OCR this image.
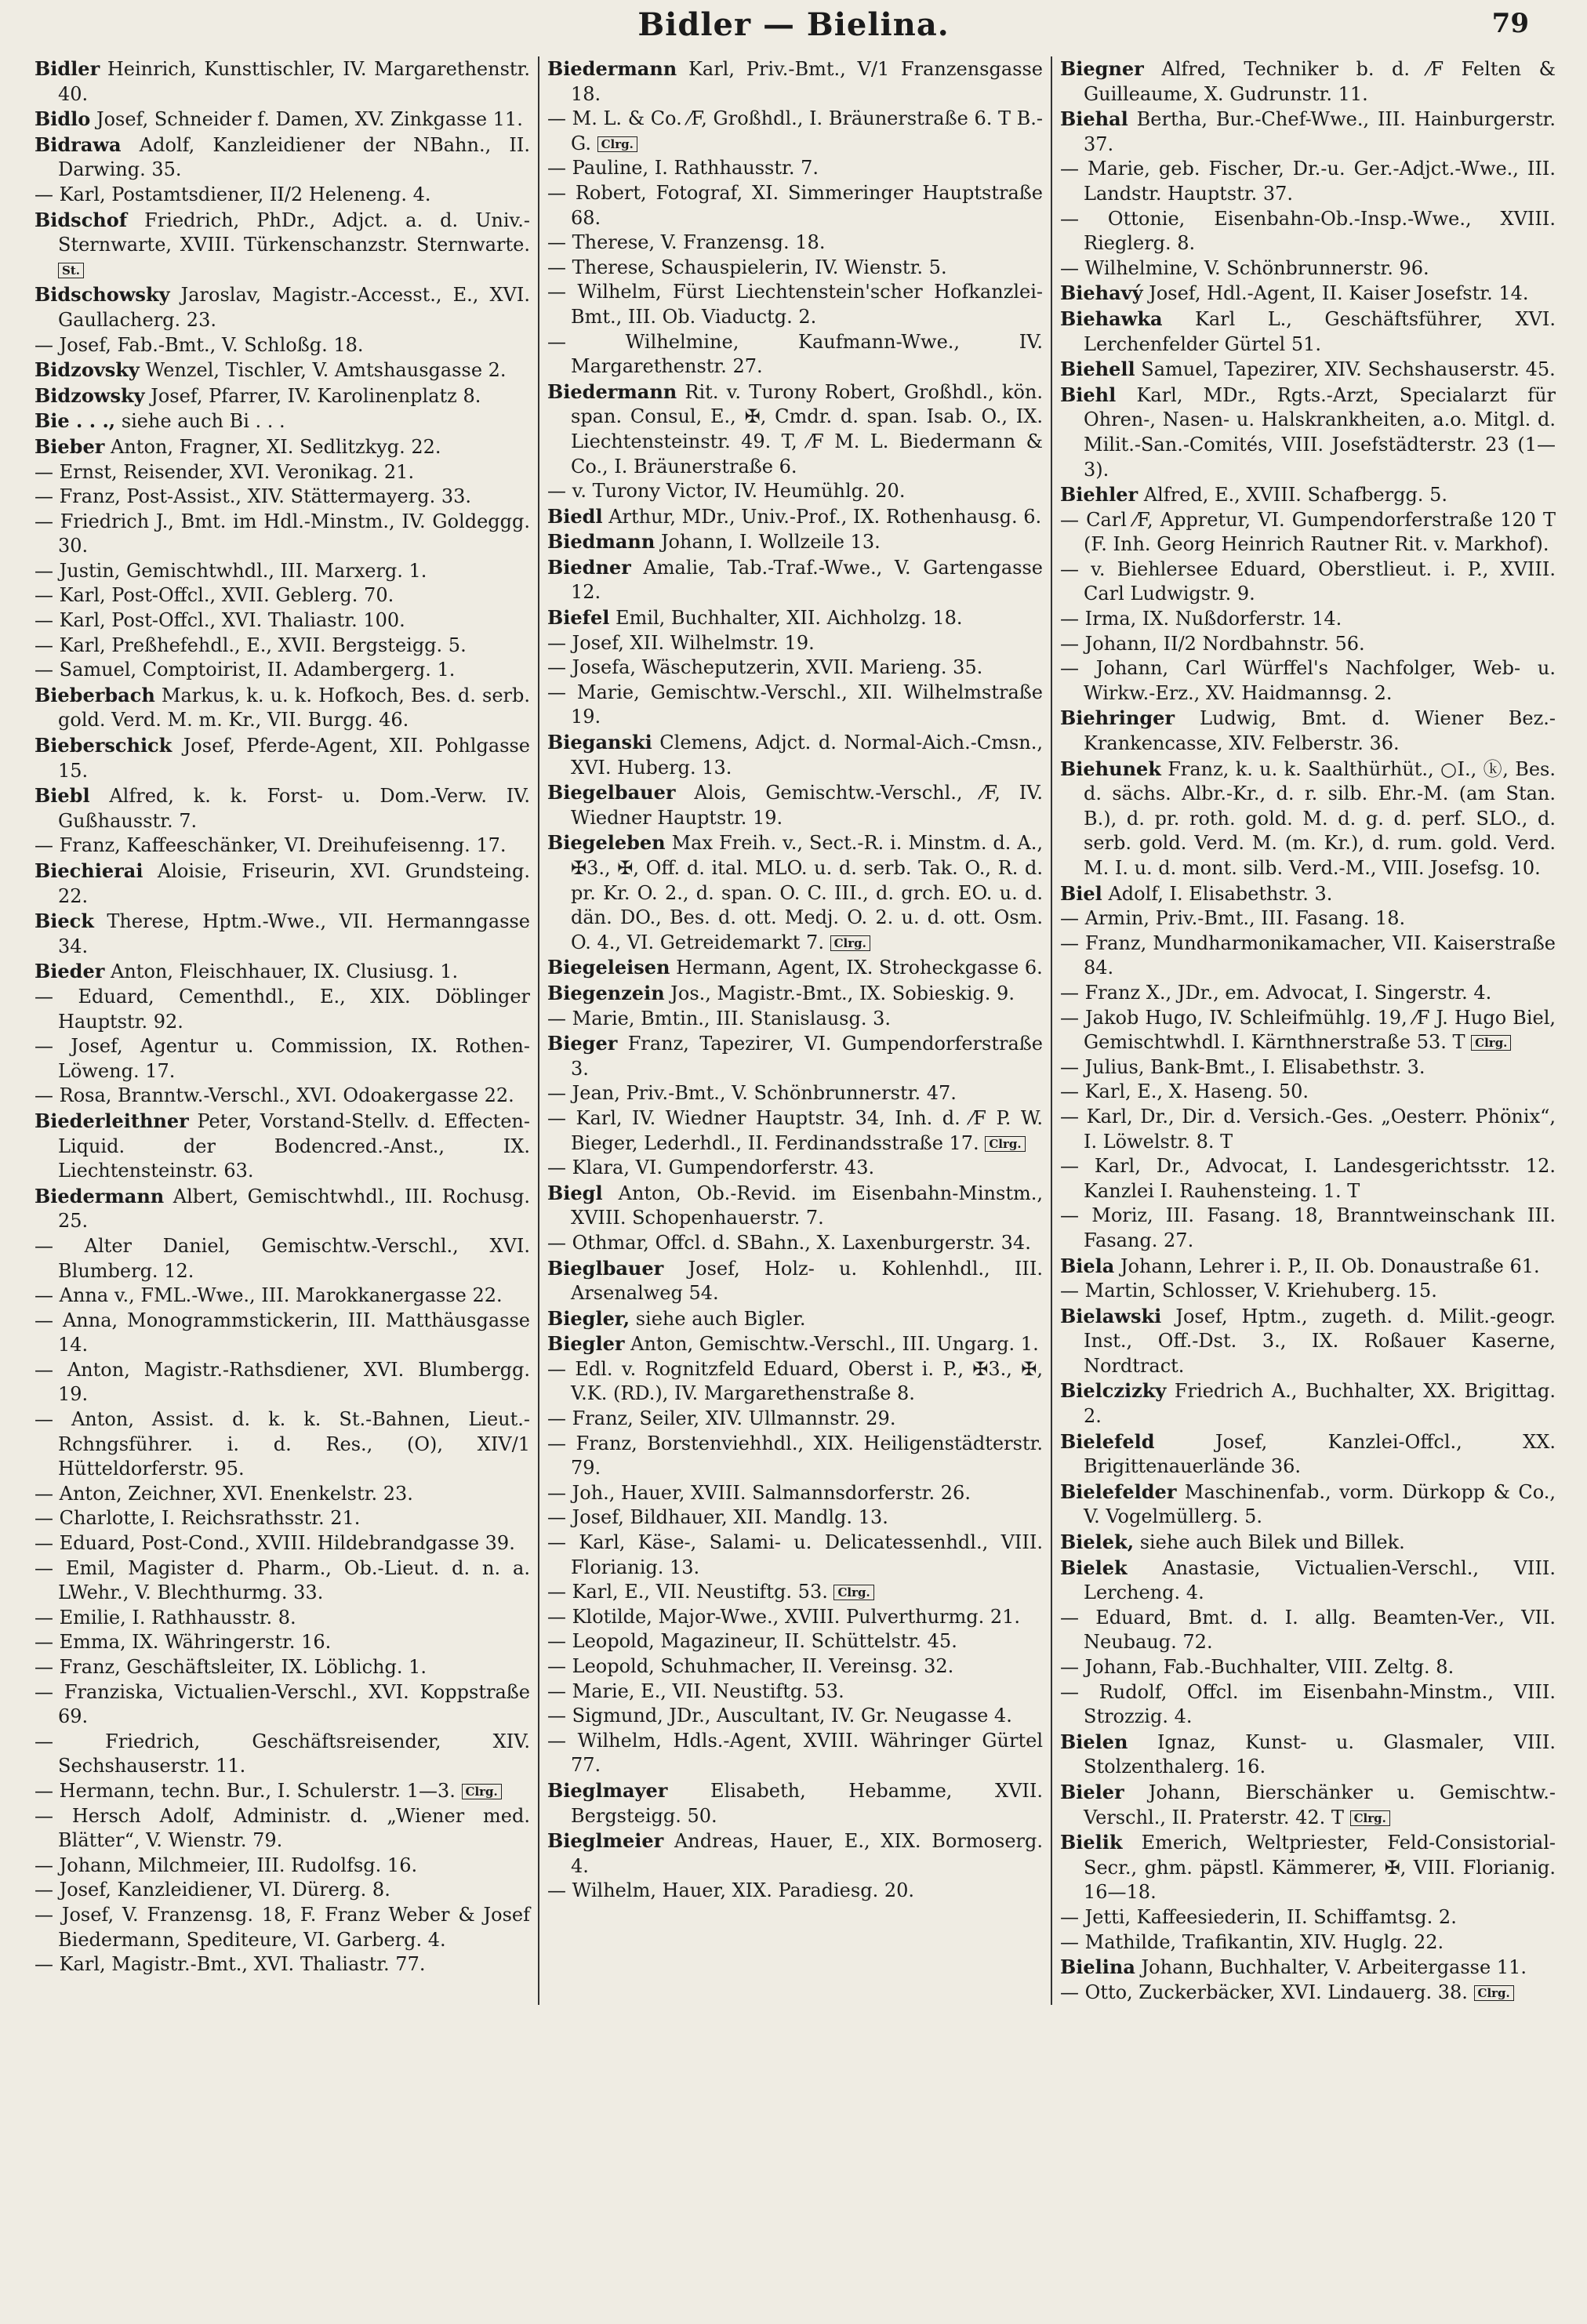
Bidler — Bielina.	79

Bidler Heinrich, Kunsttischler, IV. Margarethenstr. 40.

Bidlo Josef, Schneider f. Damen, XV. Zinkgasse 11.

Bidrawa Adolf, Kanzleidiener der NBahn., II. Darwing. 35.

— Karl, Postamtsdiener, II/2 Heleneng. 4.

Bidschof Friedrich, PhDr., Adjct. a. d. Univ.-Sternwarte, XVIII. Türkenschanzstr. Sternwarte. St.

Bidschowsky Jaroslav, Magistr.-Accesst., E., XVI. Gaullacherg. 23.

— Josef, Fab.-Bmt., V. Schloßg. 18.

Bidzovsky Wenzel, Tischler, V. Amtshausgasse 2.

Bidzowsky Josef, Pfarrer, IV. Karolinenplatz 8.

Bie . . ., siehe auch Bi . . .

Bieber Anton, Fragner, XI. Sedlitzkyg. 22.

— Ernst, Reisender, XVI. Veronikag. 21.

— Franz, Post-Assist., XIV. Stättermayerg. 33.

— Friedrich J., Bmt. im Hdl.-Minstm., IV. Goldeggg. 30.

— Justin, Gemischtwhdl., III. Marxerg. 1.

— Karl, Post-Offcl., XVII. Geblerg. 70.

— Karl, Post-Offcl., XVI. Thaliastr. 100.

— Karl, Preßhefehdl., E., XVII. Bergsteigg. 5.

— Samuel, Comptoirist, II. Adambergerg. 1.

Bieberbach Markus, k. u. k. Hofkoch, Bes. d. serb. gold. Verd. M. m. Kr., VII. Burgg. 46.

Bieberschick Josef, Pferde-Agent, XII. Pohlgasse 15.

Biebl Alfred, k. k. Forst- u. Dom.-Verw. IV. Gußhausstr. 7.

— Franz, Kaffeeschänker, VI. Dreihufeisenng. 17.

Biechierai Aloisie, Friseurin, XVI. Grundsteing. 22.

Bieck Therese, Hptm.-Wwe., VII. Hermanngasse 34.

Bieder Anton, Fleischhauer, IX. Clusiusg. 1.

— Eduard, Cementhdl., E., XIX. Döblinger Hauptstr. 92.

— Josef, Agentur u. Commission, IX. Rothen-Löweng. 17.

— Rosa, Branntw.-Verschl., XVI. Odoakergasse 22.

Biederleithner Peter, Vorstand-Stellv. d. Effecten-Liquid. der Bodencred.-Anst., IX. Liechtensteinstr. 63.

Biedermann Albert, Gemischtwhdl., III. Rochusg. 25.

— Alter Daniel, Gemischtw.-Verschl., XVI. Blumberg. 12.

— Anna v., FML.-Wwe., III. Marokkanergasse 22.

— Anna, Monogrammstickerin, III. Matthäusgasse 14.

— Anton, Magistr.-Rathsdiener, XVI. Blumbergg. 19.

— Anton, Assist. d. k. k. St.-Bahnen, Lieut.-Rchngsführer. i. d. Res., (O), XIV/1 Hütteldorferstr. 95.

— Anton, Zeichner, XVI. Enenkelstr. 23.

— Charlotte, I. Reichsrathsstr. 21.

— Eduard, Post-Cond., XVIII. Hildebrandgasse 39.

— Emil, Magister d. Pharm., Ob.-Lieut. d. n. a. LWehr., V. Blechthurmg. 33.

— Emilie, I. Rathhausstr. 8.

— Emma, IX. Währingerstr. 16.

— Franz, Geschäftsleiter, IX. Löblichg. 1.

— Franziska, Victualien-Verschl., XVI. Koppstraße 69.

— Friedrich, Geschäftsreisender, XIV. Sechshauserstr. 11.

— Hermann, techn. Bur., I. Schulerstr. 1—3. Clrg.

— Hersch Adolf, Administr. d. „Wiener med. Blätter“, V. Wienstr. 79.

— Johann, Milchmeier, III. Rudolfsg. 16.

— Josef, Kanzleidiener, VI. Dürerg. 8.

— Josef, V. Franzensg. 18, F. Franz Weber & Josef Biedermann, Spediteure, VI. Garberg. 4.

— Karl, Magistr.-Bmt., XVI. Thaliastr. 77.

Biedermann Karl, Priv.-Bmt., V/1 Franzensgasse 18.

— M. L. & Co. ⁄F, Großhdl., I. Bräunerstraße 6. T B.-G. Clrg.

— Pauline, I. Rathhausstr. 7.

— Robert, Fotograf, XI. Simmeringer Hauptstraße 68.

— Therese, V. Franzensg. 18.

— Therese, Schauspielerin, IV. Wienstr. 5.

— Wilhelm, Fürst Liechtenstein'scher Hofkanzlei-Bmt., III. Ob. Viaductg. 2.

— Wilhelmine, Kaufmann-Wwe., IV. Margarethenstr. 27.

Biedermann Rit. v. Turony Robert, Großhdl., kön. span. Consul, E., ✠, Cmdr. d. span. Isab. O., IX. Liechtensteinstr. 49. T, ⁄F M. L. Biedermann & Co., I. Bräunerstraße 6.

— v. Turony Victor, IV. Heumühlg. 20.

Biedl Arthur, MDr., Univ.-Prof., IX. Rothenhausg. 6.

Biedmann Johann, I. Wollzeile 13.

Biedner Amalie, Tab.-Traf.-Wwe., V. Gartengasse 12.

Biefel Emil, Buchhalter, XII. Aichholzg. 18.

— Josef, XII. Wilhelmstr. 19.

— Josefa, Wäscheputzerin, XVII. Marieng. 35.

— Marie, Gemischtw.-Verschl., XII. Wilhelmstraße 19.

Bieganski Clemens, Adjct. d. Normal-Aich.-Cmsn., XVI. Huberg. 13.

Biegelbauer Alois, Gemischtw.-Verschl., ⁄F, IV. Wiedner Hauptstr. 19.

Biegeleben Max Freih. v., Sect.-R. i. Minstm. d. A., ✠3., ✠, Off. d. ital. MLO. u. d. serb. Tak. O., R. d. pr. Kr. O. 2., d. span. O. C. III., d. grch. EO. u. d. dän. DO., Bes. d. ott. Medj. O. 2. u. d. ott. Osm. O. 4., VI. Getreidemarkt 7. Clrg.

Biegeleisen Hermann, Agent, IX. Stroheckgasse 6.

Biegenzein Jos., Magistr.-Bmt., IX. Sobieskig. 9.

— Marie, Bmtin., III. Stanislausg. 3.

Bieger Franz, Tapezirer, VI. Gumpendorferstraße 3.

— Jean, Priv.-Bmt., V. Schönbrunnerstr. 47.

— Karl, IV. Wiedner Hauptstr. 34, Inh. d. ⁄F P. W. Bieger, Lederhdl., II. Ferdinandsstraße 17. Clrg.

— Klara, VI. Gumpendorferstr. 43.

Biegl Anton, Ob.-Revid. im Eisenbahn-Minstm., XVIII. Schopenhauerstr. 7.

— Othmar, Offcl. d. SBahn., X. Laxenburgerstr. 34.

Bieglbauer Josef, Holz- u. Kohlenhdl., III. Arsenalweg 54.

Biegler, siehe auch Bigler.

Biegler Anton, Gemischtw.-Verschl., III. Ungarg. 1.

— Edl. v. Rognitzfeld Eduard, Oberst i. P., ✠3., ✠, V.K. (RD.), IV. Margarethenstraße 8.

— Franz, Seiler, XIV. Ullmannstr. 29.

— Franz, Borstenviehhdl., XIX. Heiligenstädterstr. 79.

— Joh., Hauer, XVIII. Salmannsdorferstr. 26.

— Josef, Bildhauer, XII. Mandlg. 13.

— Karl, Käse-, Salami- u. Delicatessenhdl., VIII. Florianig. 13.

— Karl, E., VII. Neustiftg. 53. Clrg.

— Klotilde, Major-Wwe., XVIII. Pulverthurmg. 21.

— Leopold, Magazineur, II. Schüttelstr. 45.

— Leopold, Schuhmacher, II. Vereinsg. 32.

— Marie, E., VII. Neustiftg. 53.

— Sigmund, JDr., Auscultant, IV. Gr. Neugasse 4.

— Wilhelm, Hdls.-Agent, XVIII. Währinger Gürtel 77.

Bieglmayer Elisabeth, Hebamme, XVII. Bergsteigg. 50.

Bieglmeier Andreas, Hauer, E., XIX. Bormoserg. 4.

— Wilhelm, Hauer, XIX. Paradiesg. 20.

Biegner Alfred, Techniker b. d. ⁄F Felten & Guilleaume, X. Gudrunstr. 11.

Biehal Bertha, Bur.-Chef-Wwe., III. Hainburgerstr. 37.

— Marie, geb. Fischer, Dr.-u. Ger.-Adjct.-Wwe., III. Landstr. Hauptstr. 37.

— Ottonie, Eisenbahn-Ob.-Insp.-Wwe., XVIII. Rieglerg. 8.

— Wilhelmine, V. Schönbrunnerstr. 96.

Biehavý Josef, Hdl.-Agent, II. Kaiser Josefstr. 14.

Biehawka Karl L., Geschäftsführer, XVI. Lerchenfelder Gürtel 51.

Biehell Samuel, Tapezirer, XIV. Sechshauserstr. 45.

Biehl Karl, MDr., Rgts.-Arzt, Specialarzt für Ohren-, Nasen- u. Halskrankheiten, a.o. Mitgl. d. Milit.-San.-Comités, VIII. Josefstädterstr. 23 (1—3).

Biehler Alfred, E., XVIII. Schafbergg. 5.

— Carl ⁄F, Appretur, VI. Gumpendorferstraße 120 T (F. Inh. Georg Heinrich Rautner Rit. v. Markhof).

— v. Biehlersee Eduard, Oberstlieut. i. P., XVIII. Carl Ludwigstr. 9.

— Irma, IX. Nußdorferstr. 14.

— Johann, II/2 Nordbahnstr. 56.

— Johann, Carl Würffel's Nachfolger, Web- u. Wirkw.-Erz., XV. Haidmannsg. 2.

Biehringer Ludwig, Bmt. d. Wiener Bez.-Krankencasse, XIV. Felberstr. 36.

Biehunek Franz, k. u. k. Saalthürhüt., ○I., ⓚ, Bes. d. sächs. Albr.-Kr., d. r. silb. Ehr.-M. (am Stan. B.), d. pr. roth. gold. M. d. g. d. perf. SLO., d. serb. gold. Verd. M. (m. Kr.), d. rum. gold. Verd. M. I. u. d. mont. silb. Verd.-M., VIII. Josefsg. 10.

Biel Adolf, I. Elisabethstr. 3.

— Armin, Priv.-Bmt., III. Fasang. 18.

— Franz, Mundharmonikamacher, VII. Kaiserstraße 84.

— Franz X., JDr., em. Advocat, I. Singerstr. 4.

— Jakob Hugo, IV. Schleifmühlg. 19, ⁄F J. Hugo Biel, Gemischtwhdl. I. Kärnthnerstraße 53. T Clrg.

— Julius, Bank-Bmt., I. Elisabethstr. 3.

— Karl, E., X. Haseng. 50.

— Karl, Dr., Dir. d. Versich.-Ges. „Oesterr. Phönix“, I. Löwelstr. 8. T

— Karl, Dr., Advocat, I. Landesgerichtsstr. 12. Kanzlei I. Rauhensteing. 1. T

— Moriz, III. Fasang. 18, Branntweinschank III. Fasang. 27.

Biela Johann, Lehrer i. P., II. Ob. Donaustraße 61.

— Martin, Schlosser, V. Kriehuberg. 15.

Bielawski Josef, Hptm., zugeth. d. Milit.-geogr. Inst., Off.-Dst. 3., IX. Roßauer Kaserne, Nordtract.

Bielczizky Friedrich A., Buchhalter, XX. Brigittag. 2.

Bielefeld	Josef, Kanzlei-Offcl., XX. Brigittenauerlände 36.

Bielefelder Maschinenfab., vorm. Dürkopp & Co., V. Vogelmüllerg. 5.

Bielek, siehe auch Bilek und Billek.

Bielek Anastasie, Victualien-Verschl., VIII. Lercheng. 4.

— Eduard, Bmt. d. I. allg. Beamten-Ver., VII. Neubaug. 72.

— Johann, Fab.-Buchhalter, VIII. Zeltg. 8.

— Rudolf, Offcl. im Eisenbahn-Minstm., VIII. Strozzig. 4.

Bielen Ignaz, Kunst- u. Glasmaler, VIII. Stolzenthalerg. 16.

Bieler Johann, Bierschänker u. Gemischtw.-Verschl., II. Praterstr. 42. T Clrg.

Bielik Emerich, Weltpriester, Feld-Consistorial-Secr., ghm. päpstl. Kämmerer, ✠, VIII. Florianig. 16—18.

— Jetti, Kaffeesiederin, II. Schiffamtsg. 2.

— Mathilde, Trafikantin, XIV. Huglg. 22.

Bielina Johann, Buchhalter, V. Arbeitergasse 11.

— Otto, Zuckerbäcker, XVI. Lindauerg. 38. Clrg.
